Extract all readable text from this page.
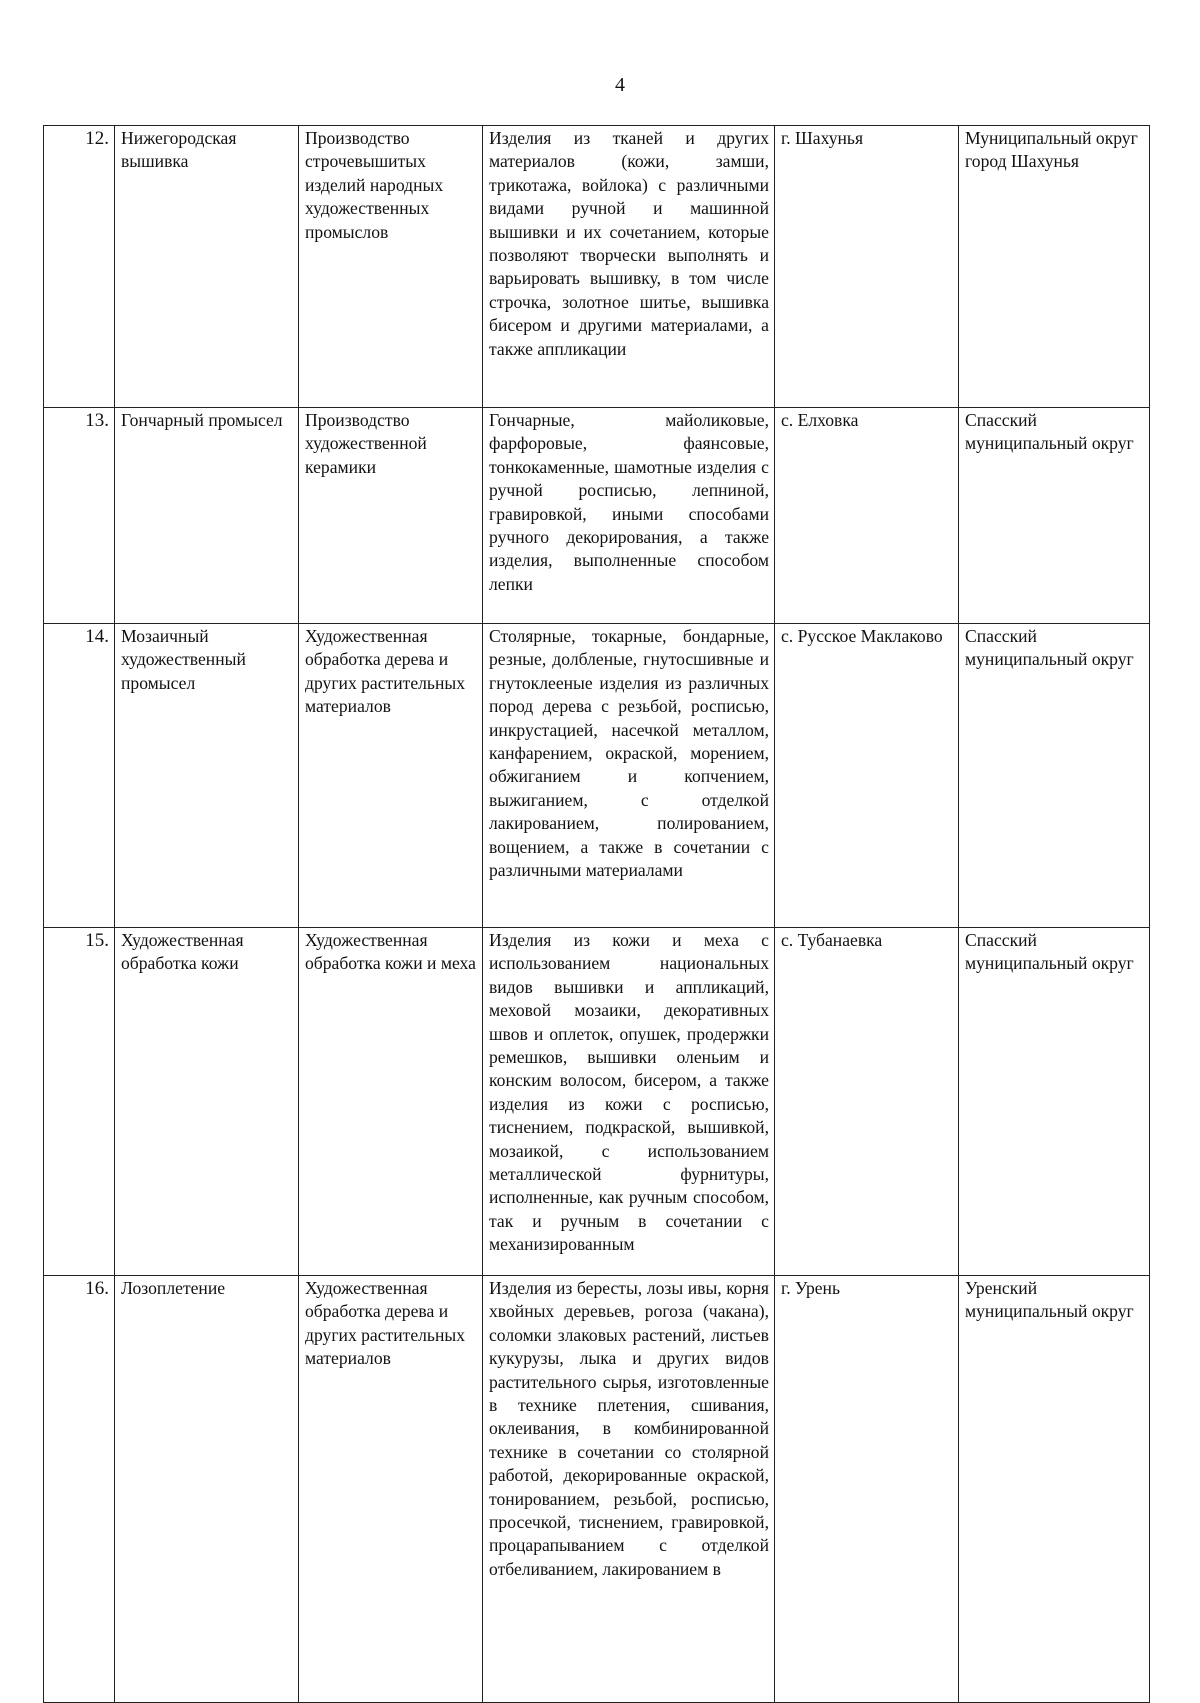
4
12.	Нижегородская вышивка	Производство строчевышитых изделий народных художественных промыслов	Изделия из тканей и других материалов (кожи, замши, трикотажа, войлока) с различными видами ручной и машинной вышивки и их сочетанием, которые позволяют творчески выполнять и варьировать вышивку, в том числе строчка, золотное шитье, вышивка бисером и другими материалами, а также аппликации	г. Шахунья	Муниципальный округ город Шахунья
13.	Гончарный промысел	Производство художественной керамики	Гончарные, майоликовые, фарфоровые, фаянсовые, тонкокаменные, шамотные изделия с ручной росписью, лепниной, гравировкой, иными способами ручного декорирования, а также изделия, выполненные способом лепки	с. Елховка	Спасский муниципальный округ
14.	Мозаичный художественный промысел	Художественная обработка дерева и других растительных материалов	Столярные, токарные, бондарные, резные, долбленые, гнутосшивные и гнутоклееные изделия из различных пород дерева с резьбой, росписью, инкрустацией, насечкой металлом, канфарением, окраской, морением, обжиганием и копчением, выжиганием, с отделкой лакированием, полированием, вощением, а также в сочетании с различными материалами	с. Русское Маклаково	Спасский муниципальный округ
15.	Художественная обработка кожи	Художественная обработка кожи и меха	Изделия из кожи и меха с использованием национальных видов вышивки и аппликаций, меховой мозаики, декоративных швов и оплеток, опушек, продержки ремешков, вышивки оленьим и конским волосом, бисером, а также изделия из кожи с росписью, тиснением, подкраской, вышивкой, мозаикой, с использованием металлической фурнитуры, исполненные, как ручным способом, так и ручным в сочетании с механизированным	с. Тубанаевка	Спасский муниципальный округ
16.	Лозоплетение	Художественная обработка дерева и других растительных материалов	Изделия из бересты, лозы ивы, корня хвойных деревьев, рогоза (чакана), соломки злаковых растений, листьев кукурузы, лыка и других видов растительного сырья, изготовленные в технике плетения, сшивания, оклеивания, в комбинированной технике в сочетании со столярной работой, декорированные окраской, тонированием, резьбой, росписью, просечкой, тиснением, гравировкой, процарапыванием с отделкой отбеливанием, лакированием в	г. Урень	Уренский муниципальный округ
